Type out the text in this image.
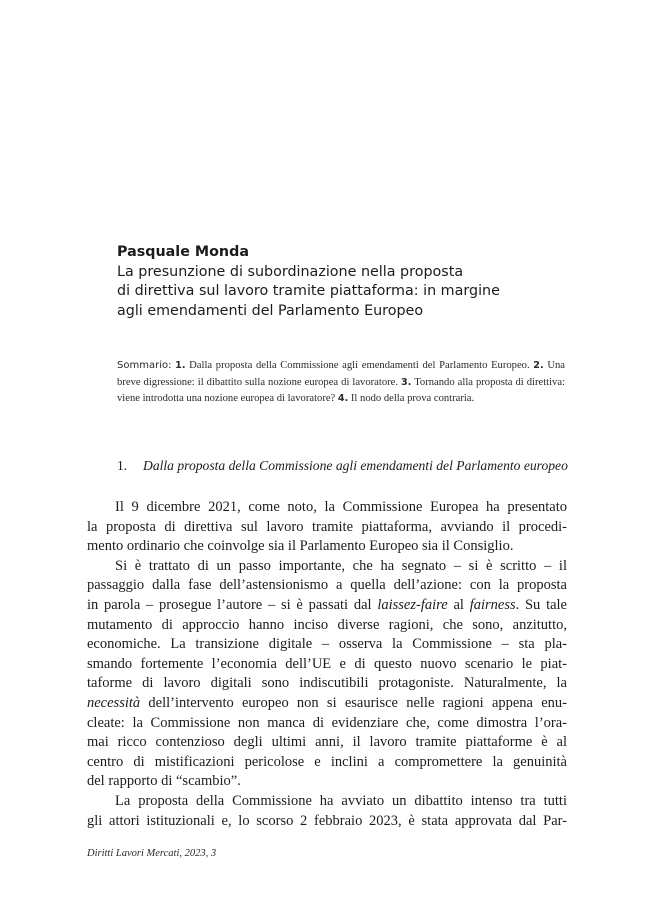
Pasquale Monda
La presunzione di subordinazione nella proposta
di direttiva sul lavoro tramite piattaforma: in margine
agli emendamenti del Parlamento Europeo
Sommario: 1. Dalla proposta della Commissione agli emendamenti del Parlamento Europeo. 2. Una breve digressione: il dibattito sulla nozione europea di lavoratore. 3. Tornando alla proposta di direttiva: viene introdotta una nozione europea di lavoratore? 4. Il nodo della prova contraria.
1. Dalla proposta della Commissione agli emendamenti del Parlamento europeo
Il 9 dicembre 2021, come noto, la Commissione Europea ha presentato
la proposta di direttiva sul lavoro tramite piattaforma, avviando il procedi-
mento ordinario che coinvolge sia il Parlamento Europeo sia il Consiglio.
Si è trattato di un passo importante, che ha segnato – si è scritto – il
passaggio dalla fase dell’astensionismo a quella dell’azione: con la proposta
in parola – prosegue l’autore – si è passati dal laissez-faire al fairness. Su tale
mutamento di approccio hanno inciso diverse ragioni, che sono, anzitutto,
economiche. La transizione digitale – osserva la Commissione – sta pla-
smando fortemente l’economia dell’UE e di questo nuovo scenario le piat-
taforme di lavoro digitali sono indiscutibili protagoniste. Naturalmente, la
necessità dell’intervento europeo non si esaurisce nelle ragioni appena enu-
cleate: la Commissione non manca di evidenziare che, come dimostra l’ora-
mai ricco contenzioso degli ultimi anni, il lavoro tramite piattaforme è al
centro di mistificazioni pericolose e inclini a compromettere la genuinità
del rapporto di “scambio”.
La proposta della Commissione ha avviato un dibattito intenso tra tutti
gli attori istituzionali e, lo scorso 2 febbraio 2023, è stata approvata dal Par-
Diritti Lavori Mercati, 2023, 3
